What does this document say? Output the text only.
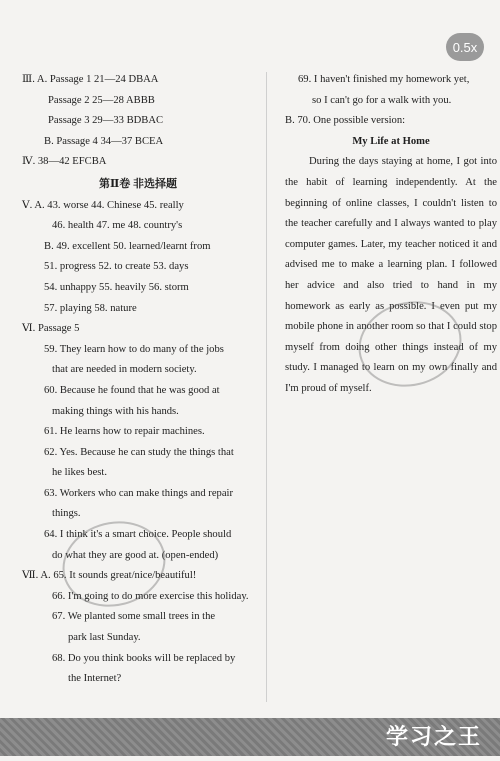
0.5x
Ⅲ. A. Passage 1 21—24 DBAA
Passage 2 25—28 ABBB
Passage 3 29—33 BDBAC
B. Passage 4 34—37 BCEA
Ⅳ. 38—42 EFCBA
第Ⅱ卷 非选择题
Ⅴ. A. 43. worse 44. Chinese 45. really
46. health 47. me 48. country's
B. 49. excellent 50. learned/learnt from
51. progress 52. to create 53. days
54. unhappy 55. heavily 56. storm
57. playing 58. nature
Ⅵ. Passage 5
59. They learn how to do many of the jobs
that are needed in modern society.
60. Because he found that he was good at
making things with his hands.
61. He learns how to repair machines.
62. Yes. Because he can study the things that
he likes best.
63. Workers who can make things and repair
things.
64. I think it's a smart choice. People should
do what they are good at. (open-ended)
Ⅶ. A. 65. It sounds great/nice/beautiful!
66. I'm going to do more exercise this holiday.
67. We planted some small trees in the
park last Sunday.
68. Do you think books will be replaced by
the Internet?
69. I haven't finished my homework yet,
so I can't go for a walk with you.
B. 70. One possible version:
My Life at Home
During the days staying at home, I got into the habit of learning independently. At the beginning of online classes, I couldn't listen to the teacher carefully and I always wanted to play computer games. Later, my teacher noticed it and advised me to make a learning plan. I followed her advice and also tried to hand in my homework as early as possible. I even put my mobile phone in another room so that I could stop myself from doing other things instead of my study. I managed to learn on my own finally and I'm proud of myself.
学习之王
